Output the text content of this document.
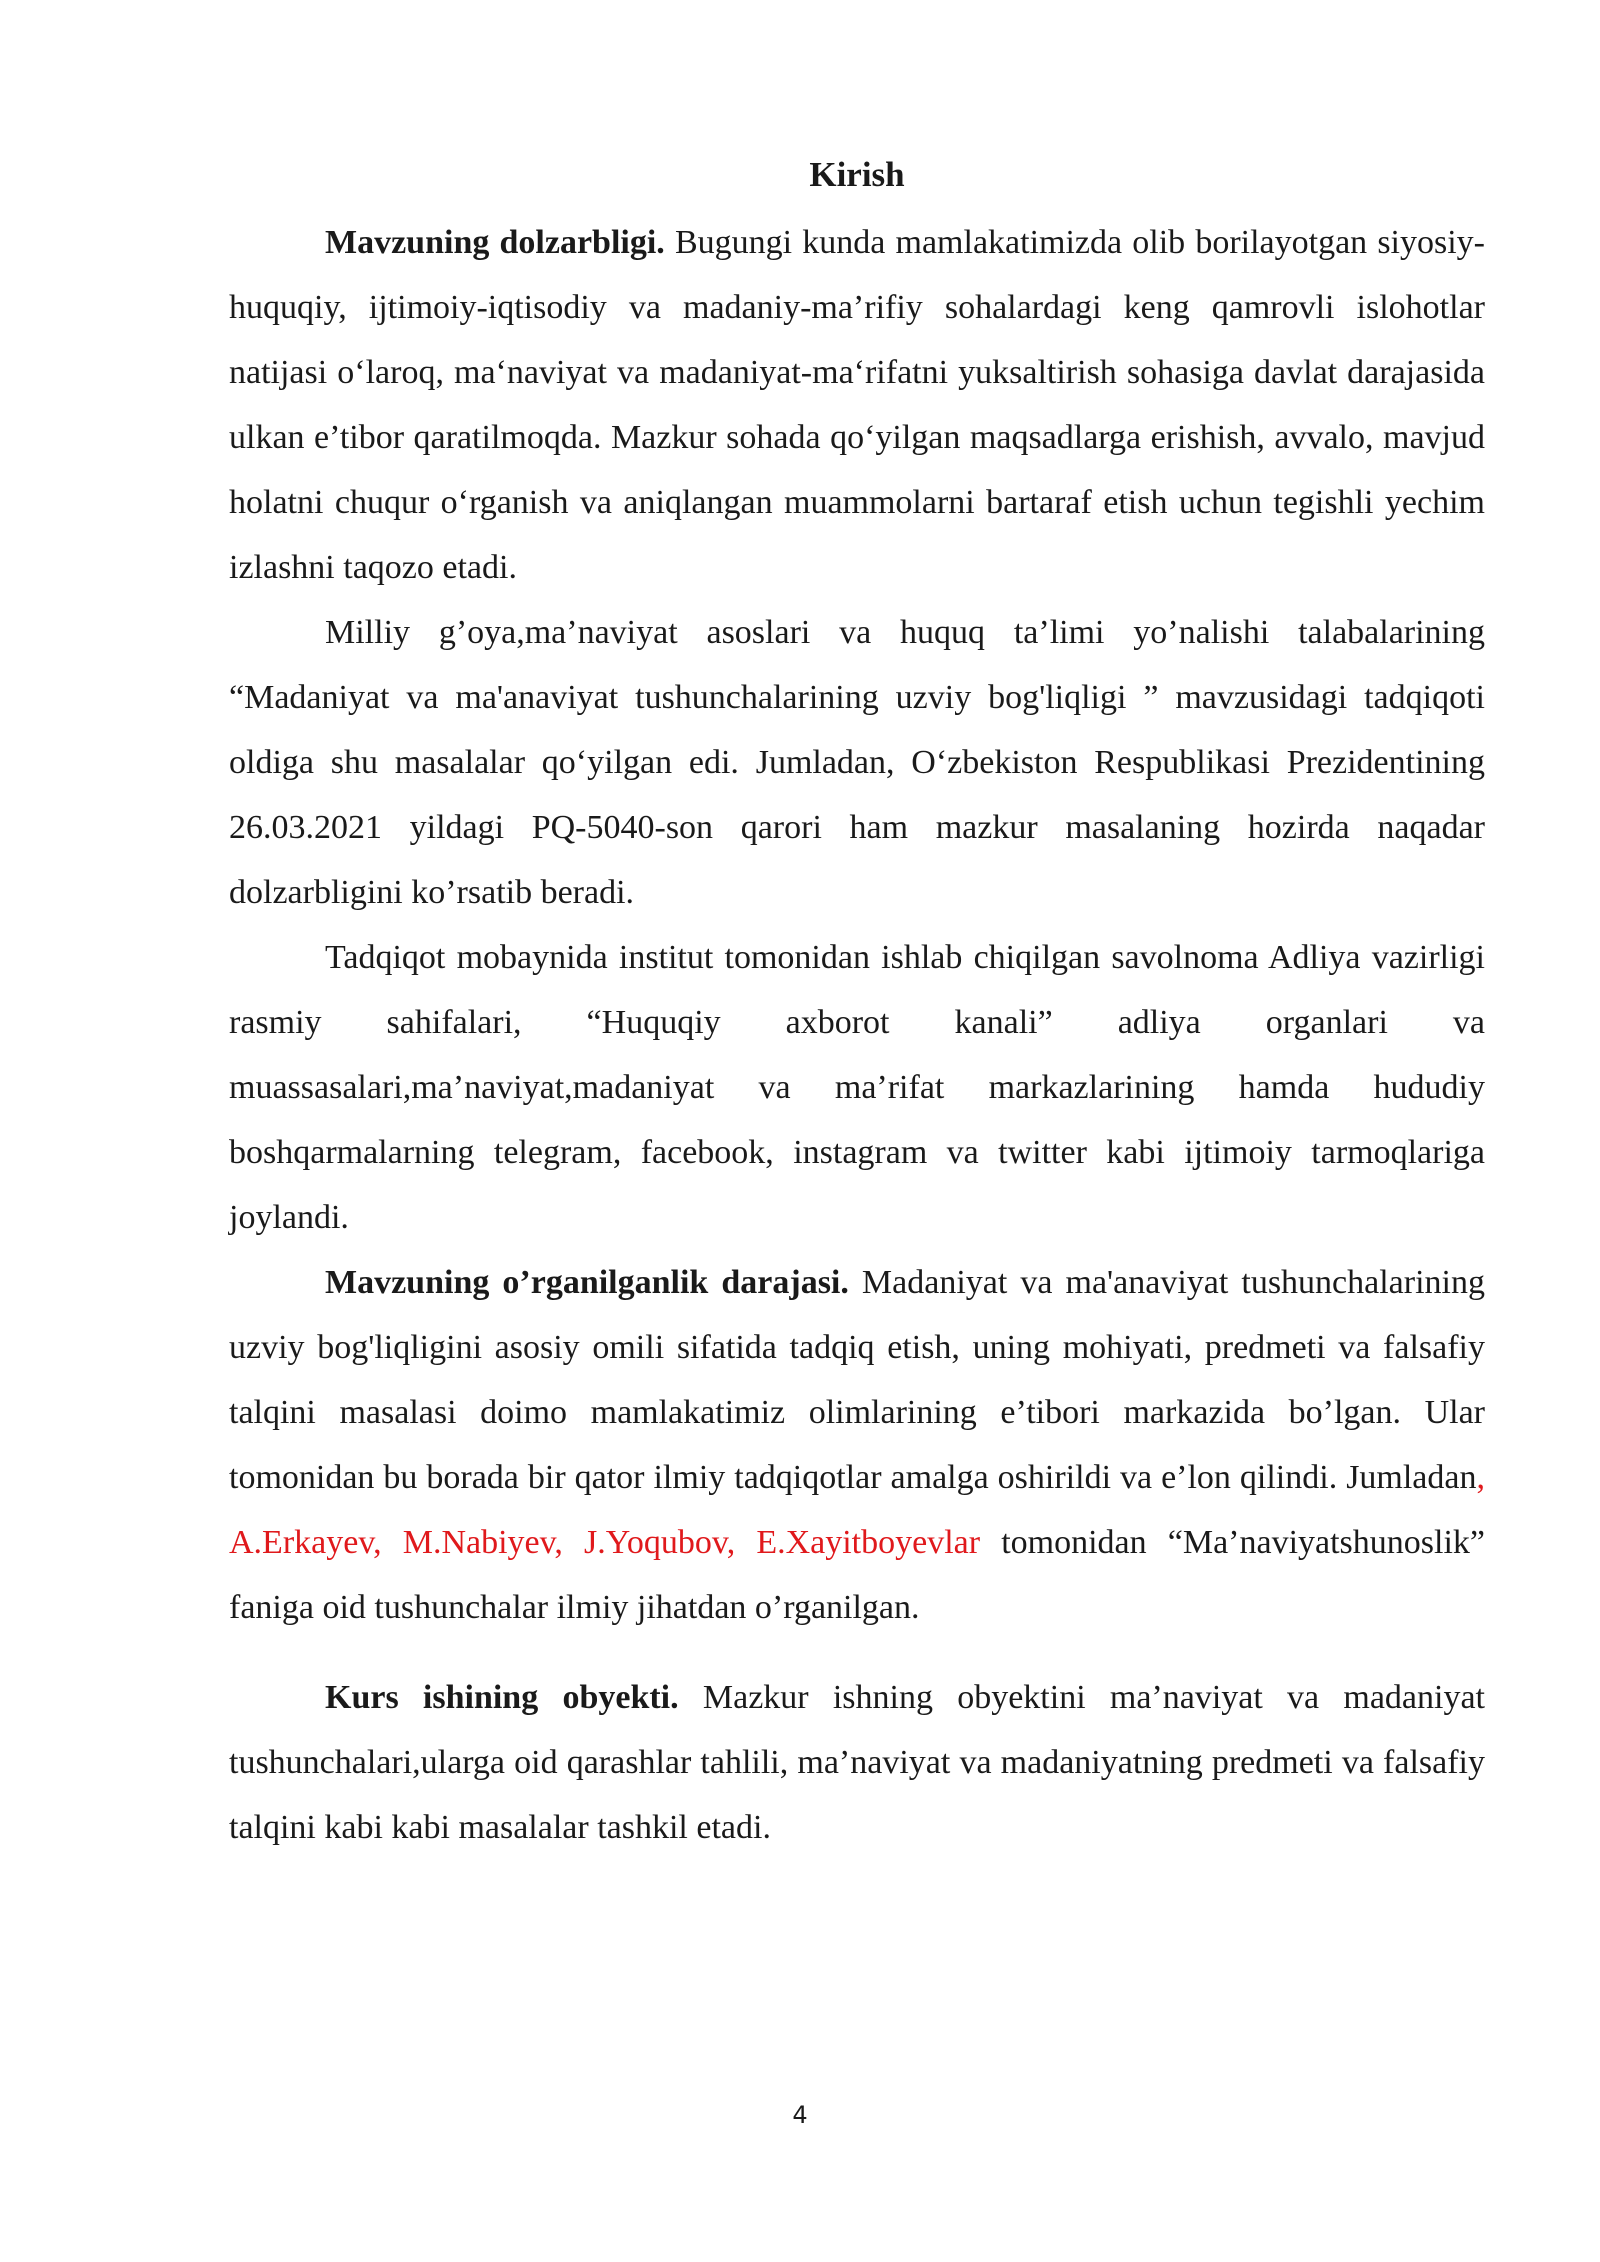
Kirish

Mavzuning dolzarbligi. Bugungi kunda mamlakatimizda olib borilayotgan siyosiy-huquqiy, ijtimoiy-iqtisodiy va madaniy-ma’rifiy sohalardagi keng qamrovli islohotlar natijasi o‘laroq, ma‘naviyat va madaniyat-ma‘rifatni yuksaltirish sohasiga davlat darajasida ulkan e’tibor qaratilmoqda. Mazkur sohada qo‘yilgan maqsadlarga erishish, avvalo, mavjud holatni chuqur o‘rganish va aniqlangan muammolarni bartaraf etish uchun tegishli yechim izlashni taqozo etadi.

Milliy g’oya,ma’naviyat asoslari va huquq ta’limi yo’nalishi talabalarining “Madaniyat va ma'anaviyat tushunchalarining uzviy bog'liqligi ” mavzusidagi tadqiqoti oldiga shu masalalar qo‘yilgan edi. Jumladan, O‘zbekiston Respublikasi Prezidentining 26.03.2021 yildagi PQ-5040-son qarori ham mazkur masalaning hozirda naqadar dolzarbligini ko’rsatib beradi.

Tadqiqot mobaynida institut tomonidan ishlab chiqilgan savolnoma Adliya vazirligi rasmiy sahifalari, “Huquqiy axborot kanali” adliya organlari va muassasalari,ma’naviyat,madaniyat va ma’rifat markazlarining hamda hududiy boshqarmalarning telegram, facebook, instagram va twitter kabi ijtimoiy tarmoqlariga joylandi.

Mavzuning o’rganilganlik darajasi. Madaniyat va ma'anaviyat tushunchalarining uzviy bog'liqligini asosiy omili sifatida tadqiq etish, uning mohiyati, predmeti va falsafiy talqini masalasi doimo mamlakatimiz olimlarining e’tibori markazida bo’lgan. Ular tomonidan bu borada bir qator ilmiy tadqiqotlar amalga oshirildi va e’lon qilindi. Jumladan, A.Erkayev, M.Nabiyev, J.Yoqubov, E.Xayitboyevlar tomonidan “Ma’naviyatshunoslik” faniga oid tushunchalar ilmiy jihatdan o’rganilgan.

Kurs ishining obyekti. Mazkur ishning obyektini ma’naviyat va madaniyat tushunchalari,ularga oid qarashlar tahlili, ma’naviyat va madaniyatning predmeti va falsafiy talqini kabi kabi masalalar tashkil etadi.

4
